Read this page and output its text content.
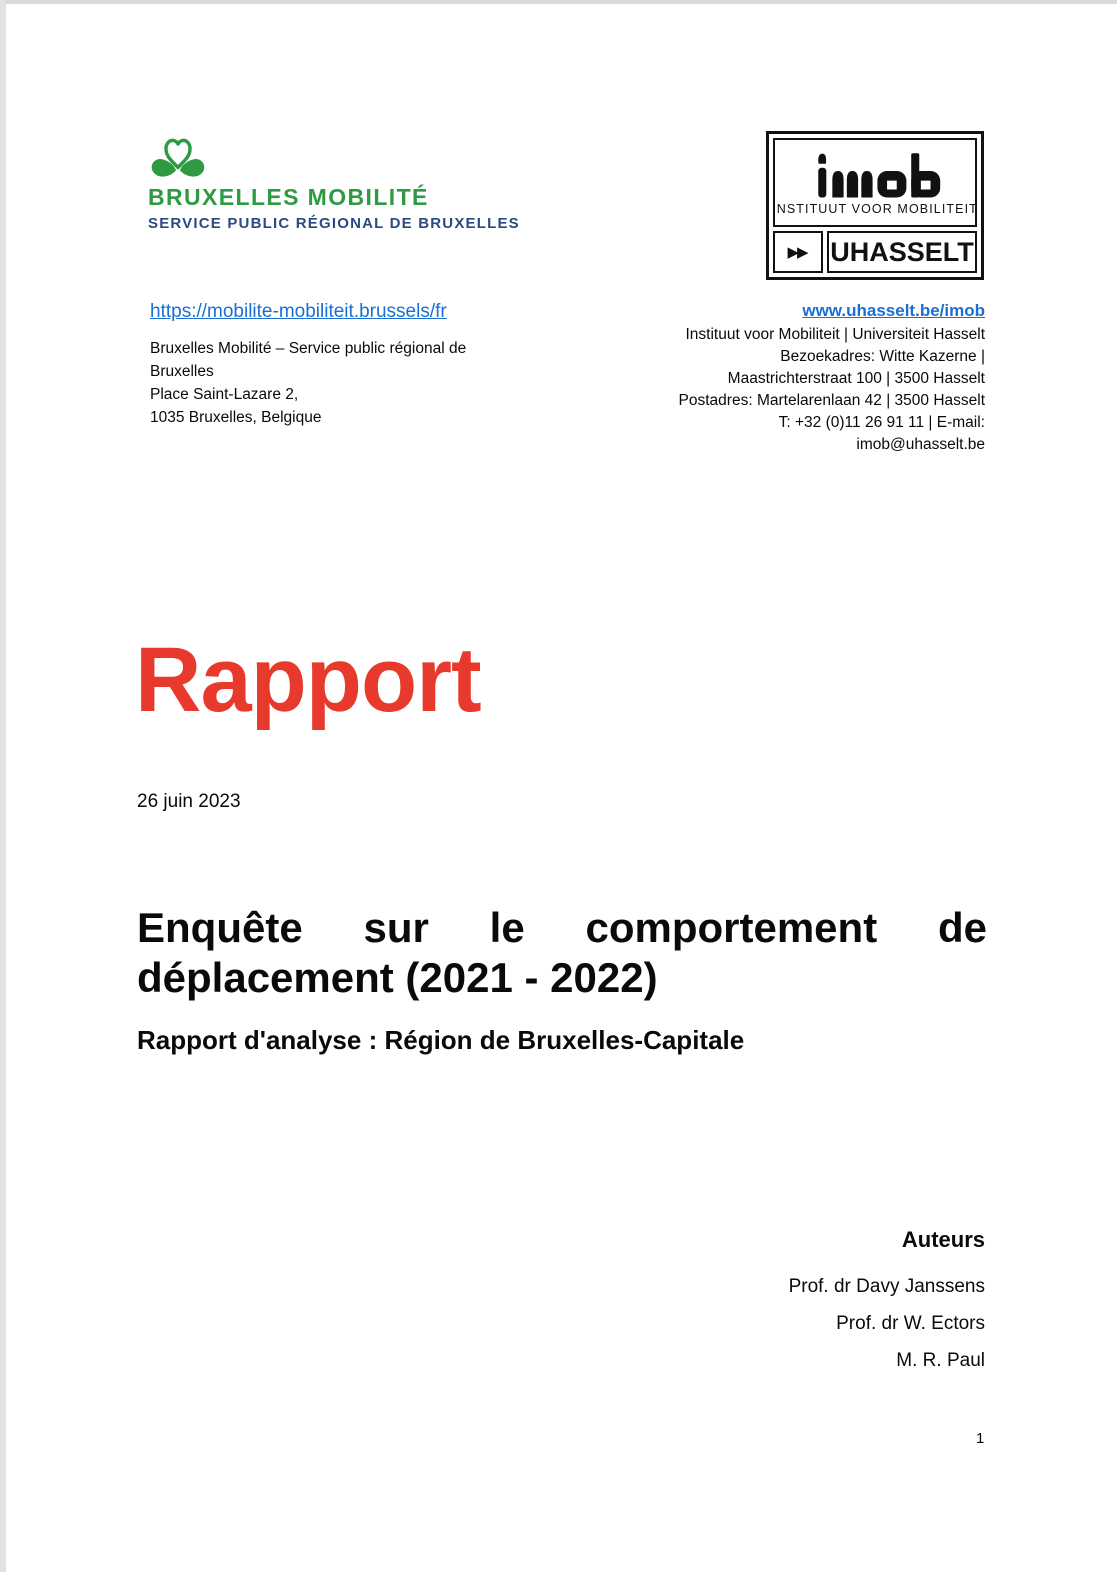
BRUXELLES MOBILITÉ
SERVICE PUBLIC RÉGIONAL DE BRUXELLES
INSTITUUT VOOR MOBILITEIT
▶▶ UHASSELT
https://mobilite-mobiliteit.brussels/fr
Bruxelles Mobilité – Service public régional de Bruxelles
Place Saint-Lazare 2,
1035 Bruxelles, Belgique
www.uhasselt.be/imob
Instituut voor Mobiliteit | Universiteit Hasselt
Bezoekadres: Witte Kazerne |
Maastrichterstraat 100 | 3500 Hasselt
Postadres: Martelarenlaan 42 | 3500 Hasselt
T: +32 (0)11 26 91 11 | E-mail:
imob@uhasselt.be
Rapport
26 juin 2023
Enquête sur le comportement de déplacement (2021 - 2022)
Rapport d'analyse : Région de Bruxelles-Capitale
Auteurs
Prof. dr Davy Janssens
Prof. dr W. Ectors
M. R. Paul
1
